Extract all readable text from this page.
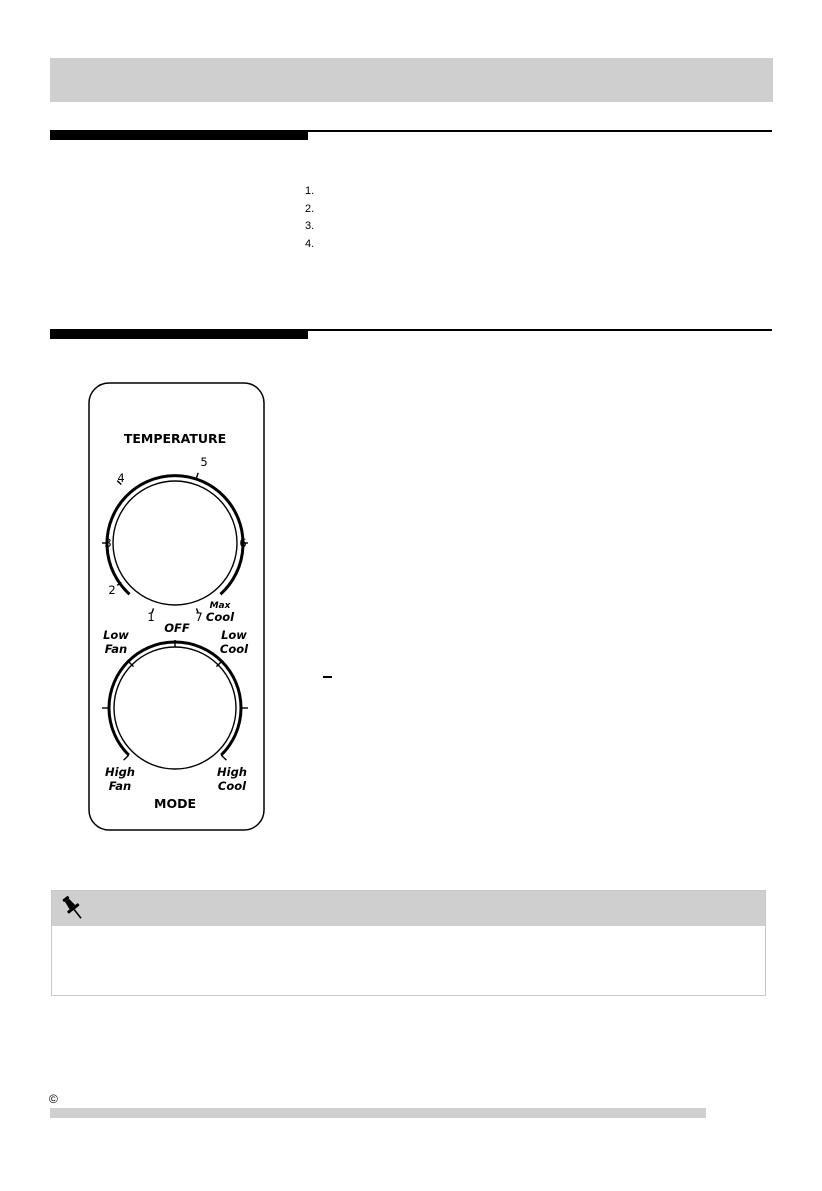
1.
2.
3.
4.
TEMPERATURE
1
2
3
4
5
6
7
Max
Cool
OFF
Low
Fan
Low
Cool
High
Fan
High
Cool
MODE
©
